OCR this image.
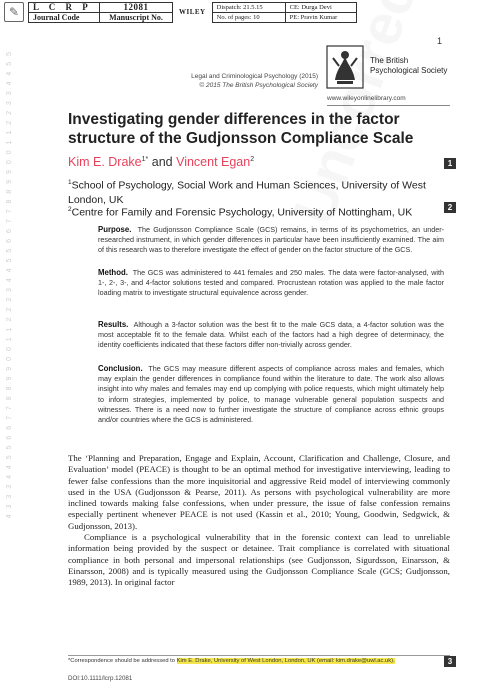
✎	L C R P	12081	WILEY	Dispatch: 21.5.15	CE: Durga Devi
Journal Code	Manuscript No.		No. of pages: 10	PE: Pravin Kumar
4 3 3 3 4 4 5 5 6 6 7 7 8 8 9 9 0 0 1 1 2 2 3 3 4 4 5 5 6 6 7 7 8 8 9 9 0 0 1 1 2 2 3 3 4 4 5 5
1
Legal and Criminological Psychology (2015)
© 2015 The British Psychological Society
The British
Psychological Society
www.wileyonlinelibrary.com
Investigating gender differences in the factor structure of the Gudjonsson Compliance Scale
Kim E. Drake$^{1*}$ and Vincent Egan$^2$	1
$^1$School of Psychology, Social Work and Human Sciences, University of West London, UK
$^2$Centre for Family and Forensic Psychology, University of Nottingham, UK	2
Purpose. The Gudjonsson Compliance Scale (GCS) remains, in terms of its psychometrics, an under-researched instrument, in which gender differences in particular have been insufficiently examined. The aim of this research was to therefore investigate the effect of gender on the factor structure of the GCS.
Method. The GCS was administered to 441 females and 250 males. The data were factor-analysed, with 1-, 2-, 3-, and 4-factor solutions tested and compared. Procrustean rotation was applied to the male factor loading matrix to investigate structural equivalence across gender.
Results. Although a 3-factor solution was the best fit to the male GCS data, a 4-factor solution was the most acceptable fit to the female data. Whilst each of the factors had a high degree of determinacy, the identity coefficients indicated that these factors differ non-trivially across gender.
Conclusion. The GCS may measure different aspects of compliance across males and females, which may explain the gender differences in compliance found within the literature to date. The work also allows insight into why males and females may end up complying with police requests, which might ultimately help to inform strategies, implemented by police, to manage vulnerable general population suspects and witnesses. There is a need now to further investigate the structure of compliance across ethnic groups and/or countries where the GCS is administered.

The ‘Planning and Preparation, Engage and Explain, Account, Clarification and Challenge, Closure, and Evaluation’ model (PEACE) is thought to be an optimal method for investigative interviewing, leading to fewer false confessions than the more inquisitorial and aggressive Reid model of interviewing commonly used in the USA (Gudjonsson & Pearse, 2011). As persons with psychological vulnerability are more inclined towards making false confessions, when under pressure, the issue of false confession remains especially pertinent whenever PEACE is not used (Kassin et al., 2010; Young, Goodwin, Sedgwick, & Gudjonsson, 2013).

Compliance is a psychological vulnerability that in the forensic context can lead to unreliable information being provided by the suspect or detainee. Trait compliance is correlated with situational compliance in both personal and impersonal relationships (see Gudjonsson, Sigurdsson, Einarsson, & Einarsson, 2008) and is typically measured using the Gudjonsson Compliance Scale (GCS; Gudjonsson, 1989, 2013). In original factor

*Correspondence should be addressed to Kim E. Drake, University of West London, London, UK (email: kim.drake@uwl.ac.uk).	3
DOI:10.1111/lcrp.12081
